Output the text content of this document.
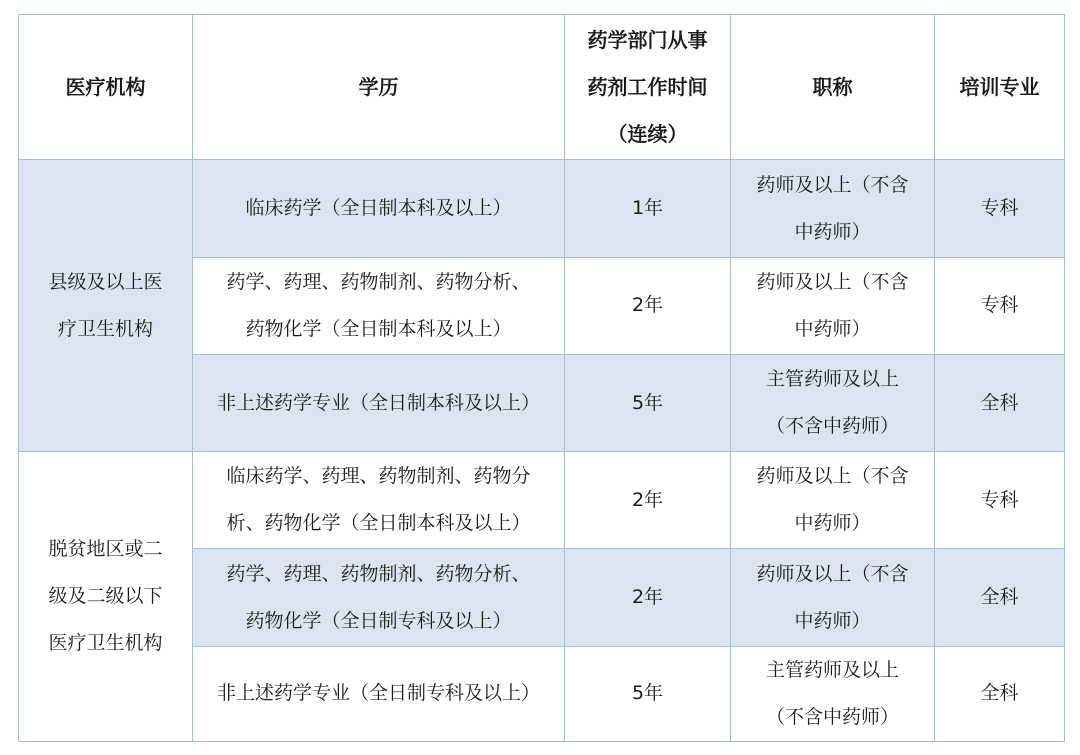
医疗机构	学历	药学部门从事药剂工作时间（连续）	职称	培训专业
县级及以上医疗卫生机构	临床药学（全日制本科及以上）	1年	药师及以上（不含中药师）	专科
	药学、药理、药物制剂、药物分析、药物化学（全日制本科及以上）	2年	药师及以上（不含中药师）	专科
	非上述药学专业（全日制本科及以上）	5年	主管药师及以上（不含中药师）	全科
脱贫地区或二级及二级以下医疗卫生机构	临床药学、药理、药物制剂、药物分析、药物化学（全日制本科及以上）	2年	药师及以上（不含中药师）	专科
	药学、药理、药物制剂、药物分析、药物化学（全日制专科及以上）	2年	药师及以上（不含中药师）	全科
	非上述药学专业（全日制专科及以上）	5年	主管药师及以上（不含中药师）	全科
